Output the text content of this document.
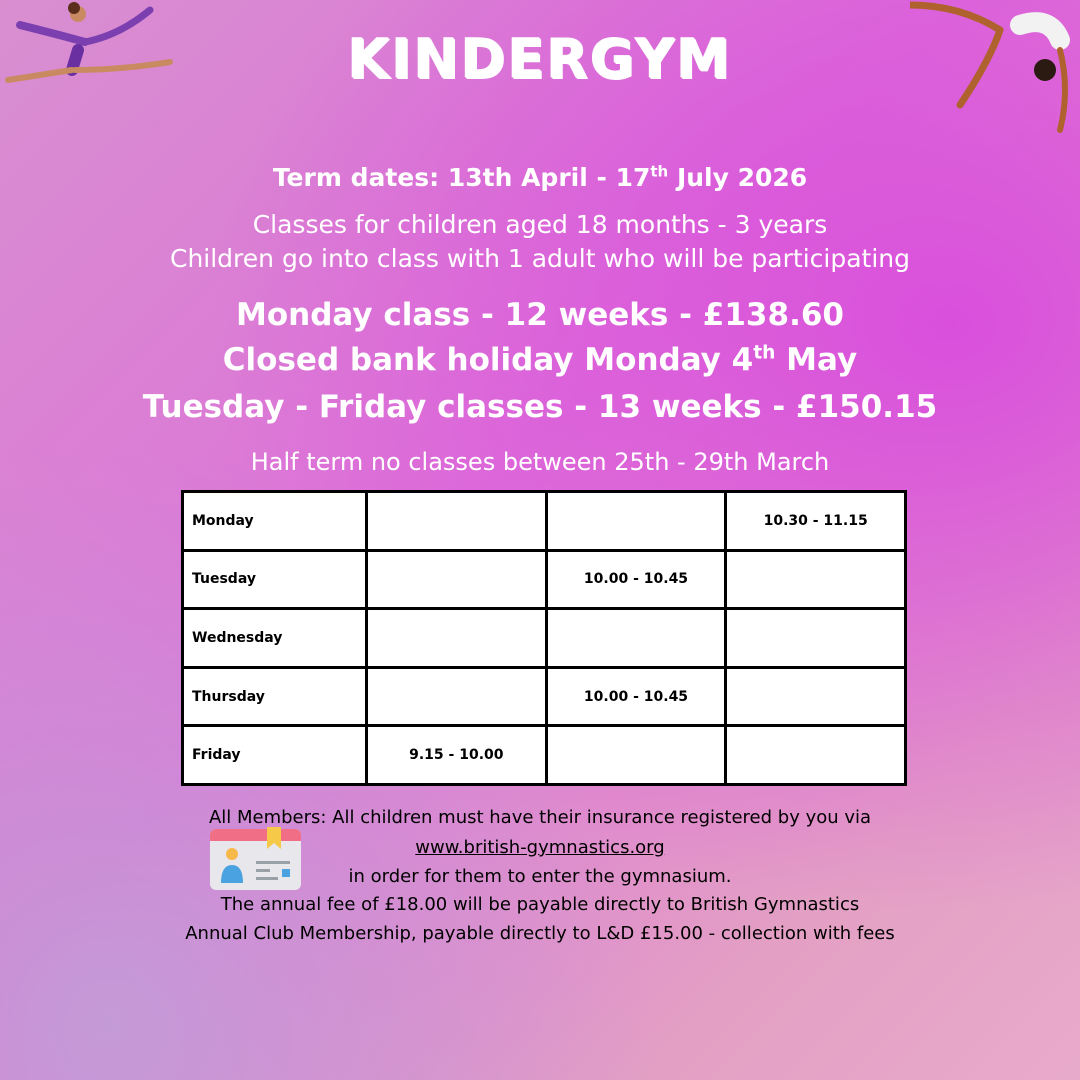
KINDERGYM
Term dates: 13th April - 17th July 2026
Classes for children aged 18 months - 3 years
Children go into class with 1 adult who will be participating
Monday class - 12 weeks - £138.60
Closed bank holiday Monday 4th May
Tuesday - Friday classes - 13 weeks - £150.15
Half term no classes between 25th - 29th March
Monday			10.30 - 11.15
Tuesday		10.00 - 10.45	
Wednesday			
Thursday		10.00 - 10.45	
Friday	9.15 - 10.00		
All Members: All children must have their insurance registered by you via
www.british-gymnastics.org
in order for them to enter the gymnasium.
The annual fee of £18.00 will be payable directly to British Gymnastics
Annual Club Membership, payable directly to L&D £15.00 - collection with fees
